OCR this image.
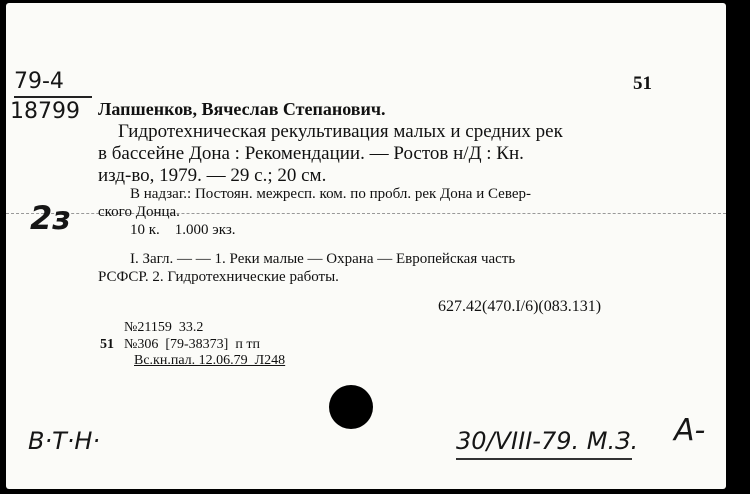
79-4
18799
51
Лапшенков, Вячеслав Степанович.
Гидротехническая рекультивация малых и средних рек
в бассейне Дона : Рекомендации. — Ростов н/Д : Кн.
изд-во, 1979. — 29 с.; 20 см.
В надзаг.: Постоян. межресп. ком. по пробл. рек Дона и Север-
ского Донца.
10 к.    1.000 экз.
I. Загл. — — 1. Реки малые — Охрана — Европейская часть
РСФСР. 2. Гидротехнические работы.
627.42(470.I/6)(083.131)
№21159  33.2
51 №306  [79-38373]  п тп
Вс.кн.пал. 12.06.79  Л248
2з
В·Т·Н·	30/VIII-79. М.З. А-
